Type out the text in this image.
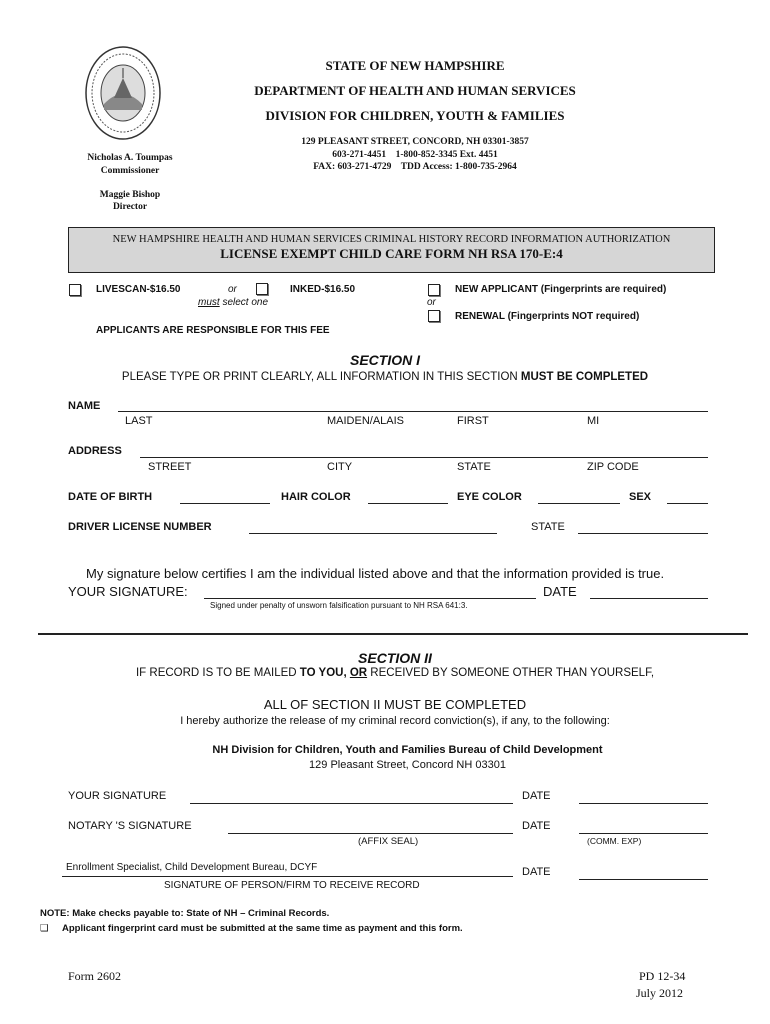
STATE OF NEW HAMPSHIRE
DEPARTMENT OF HEALTH AND HUMAN SERVICES
DIVISION FOR CHILDREN, YOUTH & FAMILIES
129 PLEASANT STREET, CONCORD, NH 03301-3857
603-271-4451    1-800-852-3345 Ext. 4451
FAX: 603-271-4729    TDD Access: 1-800-735-2964
Nicholas A. Toumpas
Commissioner
Maggie Bishop
Director
NEW HAMPSHIRE HEALTH AND HUMAN SERVICES CRIMINAL HISTORY RECORD INFORMATION AUTHORIZATION
LICENSE EXEMPT CHILD CARE FORM NH RSA 170-E:4
LIVESCAN-$16.50	or	INKED-$16.50
must select one
NEW APPLICANT (Fingerprints are required)
or
RENEWAL (Fingerprints NOT required)
APPLICANTS ARE RESPONSIBLE FOR THIS FEE
SECTION I
PLEASE TYPE OR PRINT CLEARLY, ALL INFORMATION IN THIS SECTION MUST BE COMPLETED
NAME
LAST	MAIDEN/ALAIS	FIRST	MI
ADDRESS
STREET	CITY	STATE	ZIP CODE
DATE OF BIRTH	HAIR COLOR	EYE COLOR	SEX
DRIVER LICENSE NUMBER	STATE
My signature below certifies I am the individual listed above and that the information provided is true.
YOUR SIGNATURE:	DATE
Signed under penalty of unsworn falsification pursuant to NH RSA 641:3.
SECTION II
IF RECORD IS TO BE MAILED TO YOU, OR RECEIVED BY SOMEONE OTHER THAN YOURSELF,
ALL OF SECTION II MUST BE COMPLETED
I hereby authorize the release of my criminal record conviction(s), if any, to the following:
NH Division for Children, Youth and Families Bureau of Child Development
129 Pleasant Street, Concord NH 03301
YOUR SIGNATURE	DATE
NOTARY 'S SIGNATURE	DATE
(AFFIX SEAL)	(COMM. EXP)
Enrollment Specialist, Child Development Bureau, DCYF	DATE
SIGNATURE OF PERSON/FIRM TO RECEIVE RECORD
NOTE: Make checks payable to: State of NH – Criminal Records.
❑ Applicant fingerprint card must be submitted at the same time as payment and this form.
Form 2602	PD 12-34
July 2012
